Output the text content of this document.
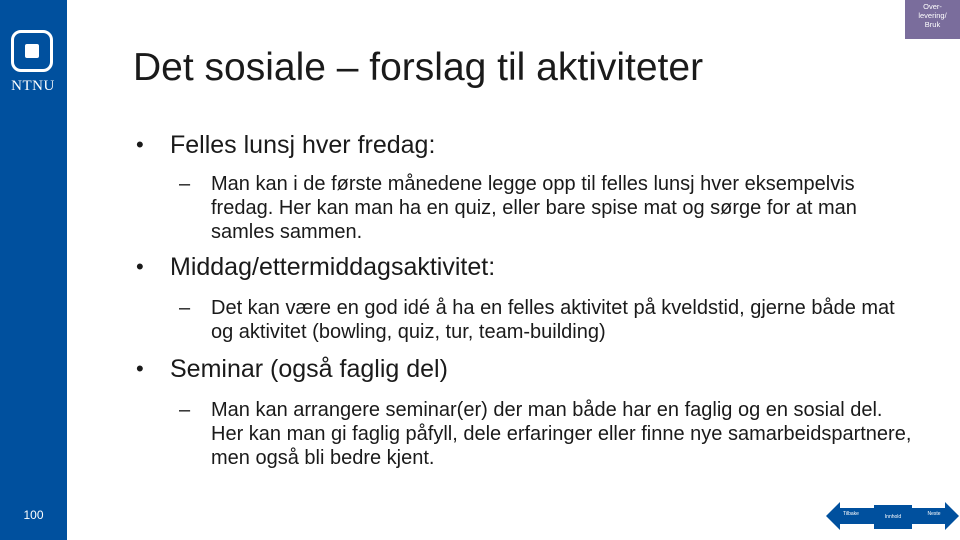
NTNU
100
Over-
levering/
Bruk
Det sosiale – forslag til aktiviteter
• Felles lunsj hver fredag:
– Man kan i de første månedene legge opp til felles lunsj hver eksempelvis fredag. Her kan man ha en quiz, eller bare spise mat og sørge for at man samles sammen.
• Middag/ettermiddagsaktivitet:
– Det kan være en god idé å ha en felles aktivitet på kveldstid, gjerne både mat og aktivitet (bowling, quiz, tur, team-building)
• Seminar (også faglig del)
– Man kan arrangere seminar(er) der man både har en faglig og en sosial del. Her kan man gi faglig påfyll, dele erfaringer eller finne nye samarbeidspartnere, men også bli bedre kjent.
Tilbake	Innhold	Neste
